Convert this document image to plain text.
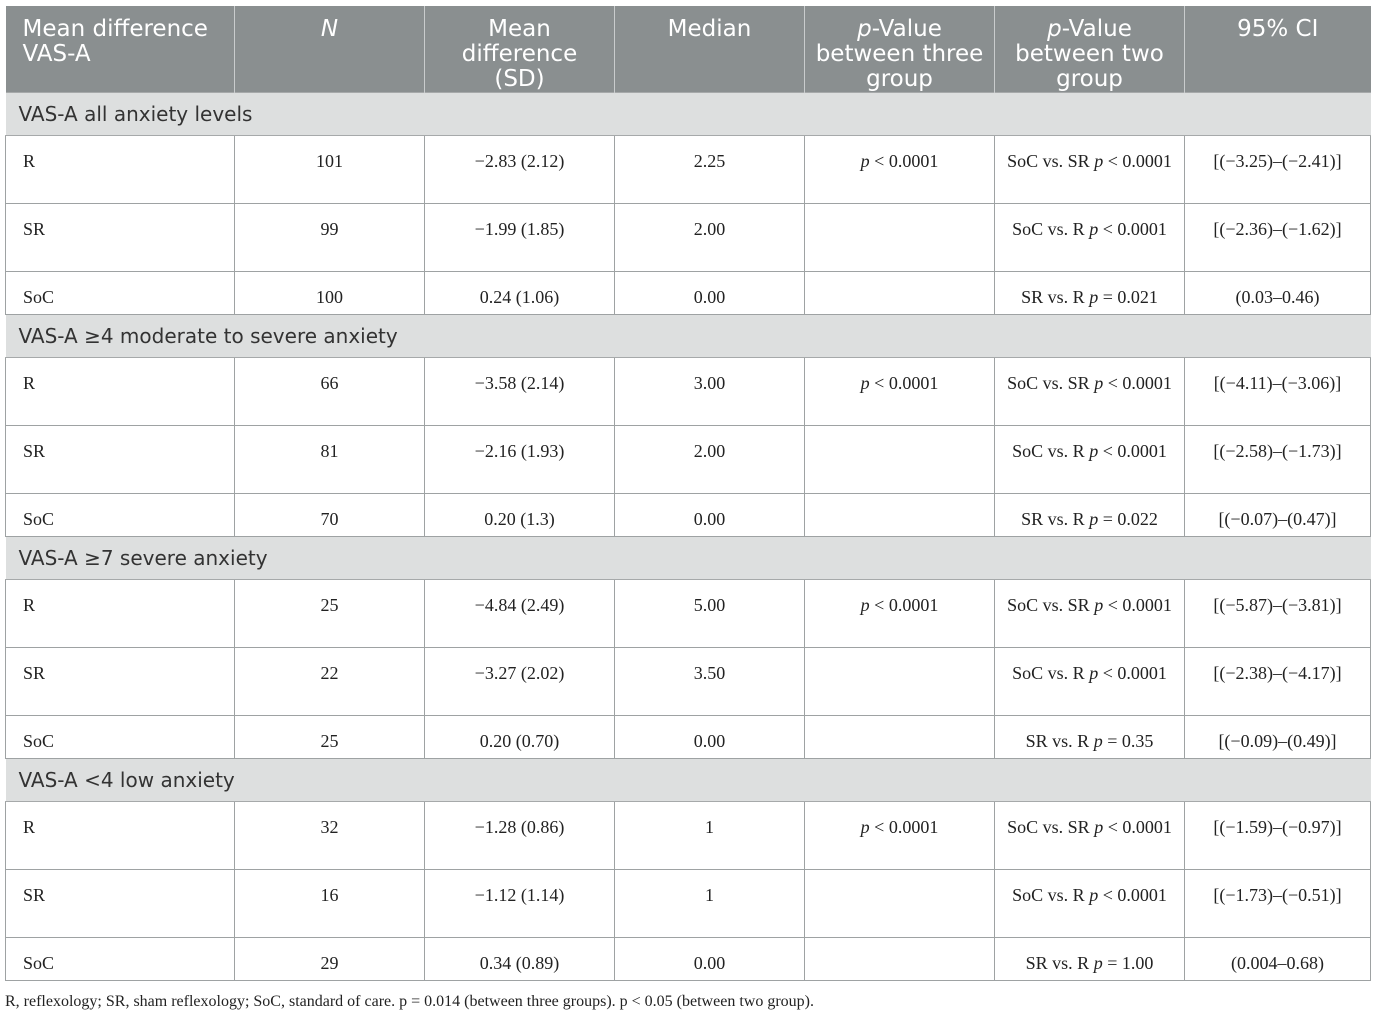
Mean difference VAS-A	N	Mean difference (SD)	Median	p-Value between three group	p-Value between two group	95% CI
VAS-A all anxiety levels						
R	101	−2.83 (2.12)	2.25	p < 0.0001	SoC vs. SR p < 0.0001	[(−3.25)–(−2.41)]
SR	99	−1.99 (1.85)	2.00		SoC vs. R p < 0.0001	[(−2.36)–(−1.62)]
SoC	100	0.24 (1.06)	0.00		SR vs. R p = 0.021	(0.03–0.46)
VAS-A ≥4 moderate to severe anxiety						
R	66	−3.58 (2.14)	3.00	p < 0.0001	SoC vs. SR p < 0.0001	[(−4.11)–(−3.06)]
SR	81	−2.16 (1.93)	2.00		SoC vs. R p < 0.0001	[(−2.58)–(−1.73)]
SoC	70	0.20 (1.3)	0.00		SR vs. R p = 0.022	[(−0.07)–(0.47)]
VAS-A ≥7 severe anxiety						
R	25	−4.84 (2.49)	5.00	p < 0.0001	SoC vs. SR p < 0.0001	[(−5.87)–(−3.81)]
SR	22	−3.27 (2.02)	3.50		SoC vs. R p < 0.0001	[(−2.38)–(−4.17)]
SoC	25	0.20 (0.70)	0.00		SR vs. R p = 0.35	[(−0.09)–(0.49)]
VAS-A <4 low anxiety						
R	32	−1.28 (0.86)	1	p < 0.0001	SoC vs. SR p < 0.0001	[(−1.59)–(−0.97)]
SR	16	−1.12 (1.14)	1		SoC vs. R p < 0.0001	[(−1.73)–(−0.51)]
SoC	29	0.34 (0.89)	0.00		SR vs. R p = 1.00	(0.004–0.68)
R, reflexology; SR, sham reflexology; SoC, standard of care. p = 0.014 (between three groups). p < 0.05 (between two group).
